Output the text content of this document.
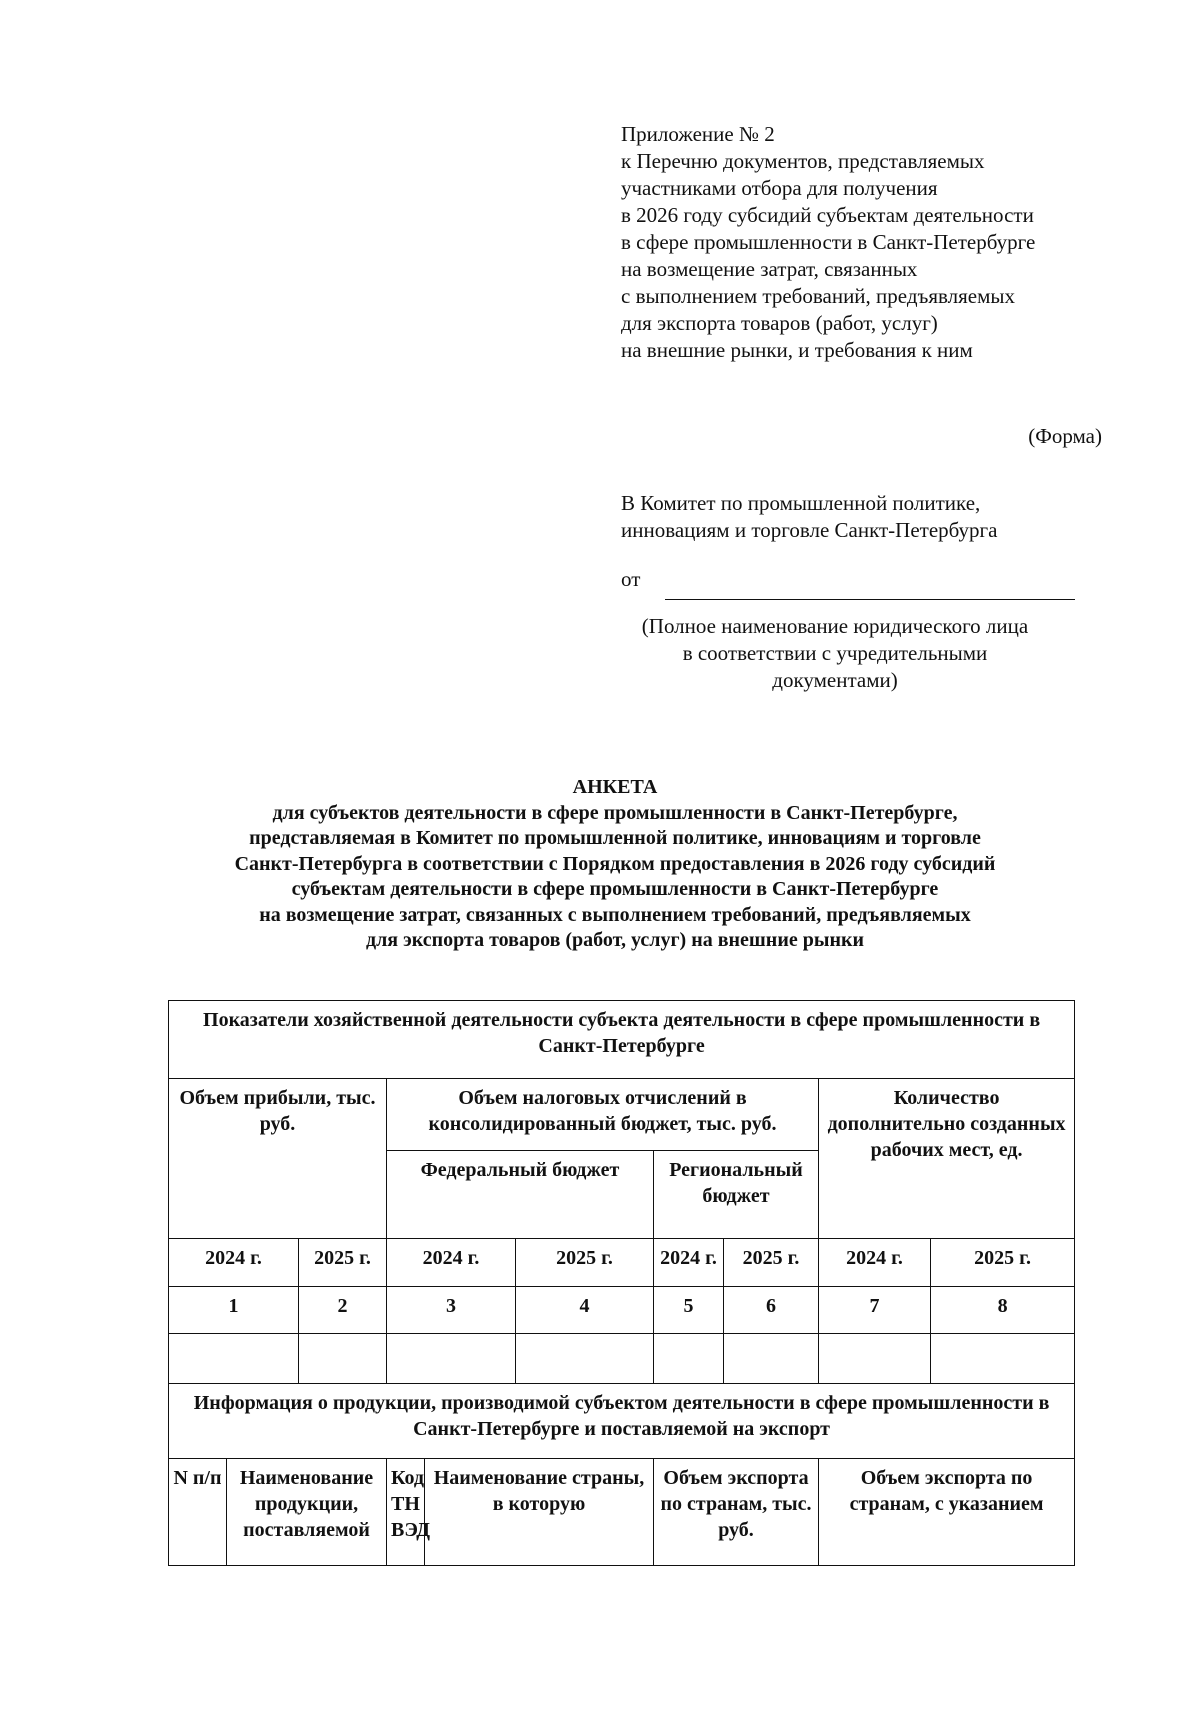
Приложение № 2
к Перечню документов, представляемых
участниками отбора для получения
в 2026 году субсидий субъектам деятельности
в сфере промышленности в Санкт-Петербурге
на возмещение затрат, связанных
с выполнением требований, предъявляемых
для экспорта товаров (работ, услуг)
на внешние рынки, и требования к ним
(Форма)
В Комитет по промышленной политике,
инновациям и торговле Санкт-Петербурга
от
(Полное наименование юридического лица
в соответствии с учредительными
документами)
АНКЕТА
для субъектов деятельности в сфере промышленности в Санкт-Петербурге,
представляемая в Комитет по промышленной политике, инновациям и торговле
Санкт-Петербурга в соответствии с Порядком предоставления в 2026 году субсидий
субъектам деятельности в сфере промышленности в Санкт-Петербурге
на возмещение затрат, связанных с выполнением требований, предъявляемых
для экспорта товаров (работ, услуг) на внешние рынки
Показатели хозяйственной деятельности субъекта деятельности в сфере промышленности в Санкт-Петербурге									
Объем прибыли, тыс. руб.			Объем налоговых отчислений в консолидированный бюджет, тыс. руб.					Количество дополнительно созданных рабочих мест, ед.	
			Федеральный бюджет			Региональный бюджет			
2024 г.		2025 г.	2024 г.		2025 г.	2024 г.	2025 г.	2024 г.	2025 г.
1		2	3		4	5	6	7	8

Информация о продукции, производимой субъектом деятельности в сфере промышленности в Санкт-Петербурге и поставляемой на экспорт									
N п/п	Наименование продукции, поставляемой		Код ТН ВЭД	Наименование страны, в которую		Объем экспорта по странам, тыс. руб.		Объем экспорта по странам, с указанием	
